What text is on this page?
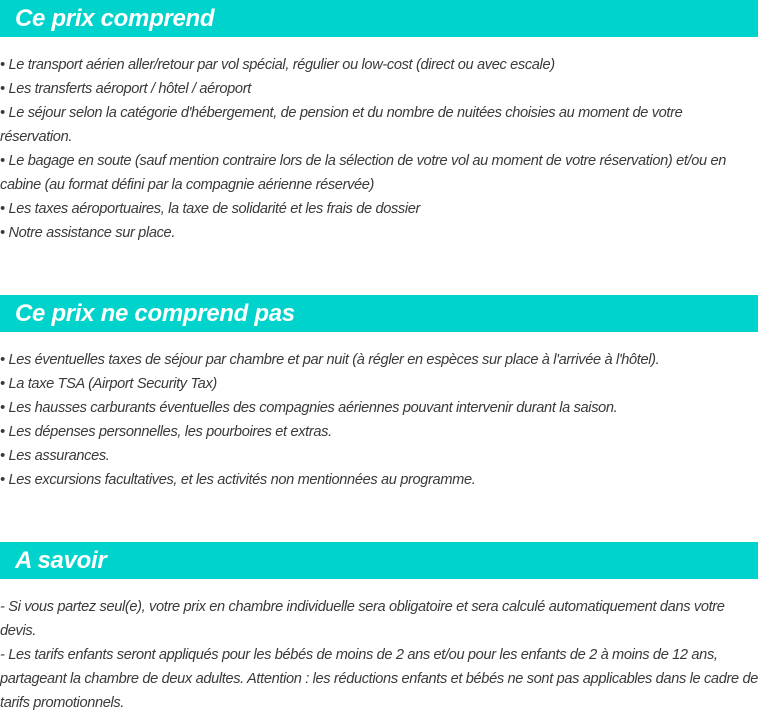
Ce prix comprend
• Le transport aérien aller/retour par vol spécial, régulier ou low-cost (direct ou avec escale)
• Les transferts aéroport / hôtel / aéroport
• Le séjour selon la catégorie d'hébergement, de pension et du nombre de nuitées choisies au moment de votre réservation.
• Le bagage en soute (sauf mention contraire lors de la sélection de votre vol au moment de votre réservation) et/ou en cabine (au format défini par la compagnie aérienne réservée)
• Les taxes aéroportuaires, la taxe de solidarité et les frais de dossier
• Notre assistance sur place.
Ce prix ne comprend pas
• Les éventuelles taxes de séjour par chambre et par nuit (à régler en espèces sur place à l'arrivée à l'hôtel).
• La taxe TSA (Airport Security Tax)
• Les hausses carburants éventuelles des compagnies aériennes pouvant intervenir durant la saison.
• Les dépenses personnelles, les pourboires et extras.
• Les assurances.
• Les excursions facultatives, et les activités non mentionnées au programme.
A savoir
- Si vous partez seul(e), votre prix en chambre individuelle sera obligatoire et sera calculé automatiquement dans votre devis.
- Les tarifs enfants seront appliqués pour les bébés de moins de 2 ans et/ou pour les enfants de 2 à moins de 12 ans, partageant la chambre de deux adultes. Attention : les réductions enfants et bébés ne sont pas applicables dans le cadre de tarifs promotionnels.
